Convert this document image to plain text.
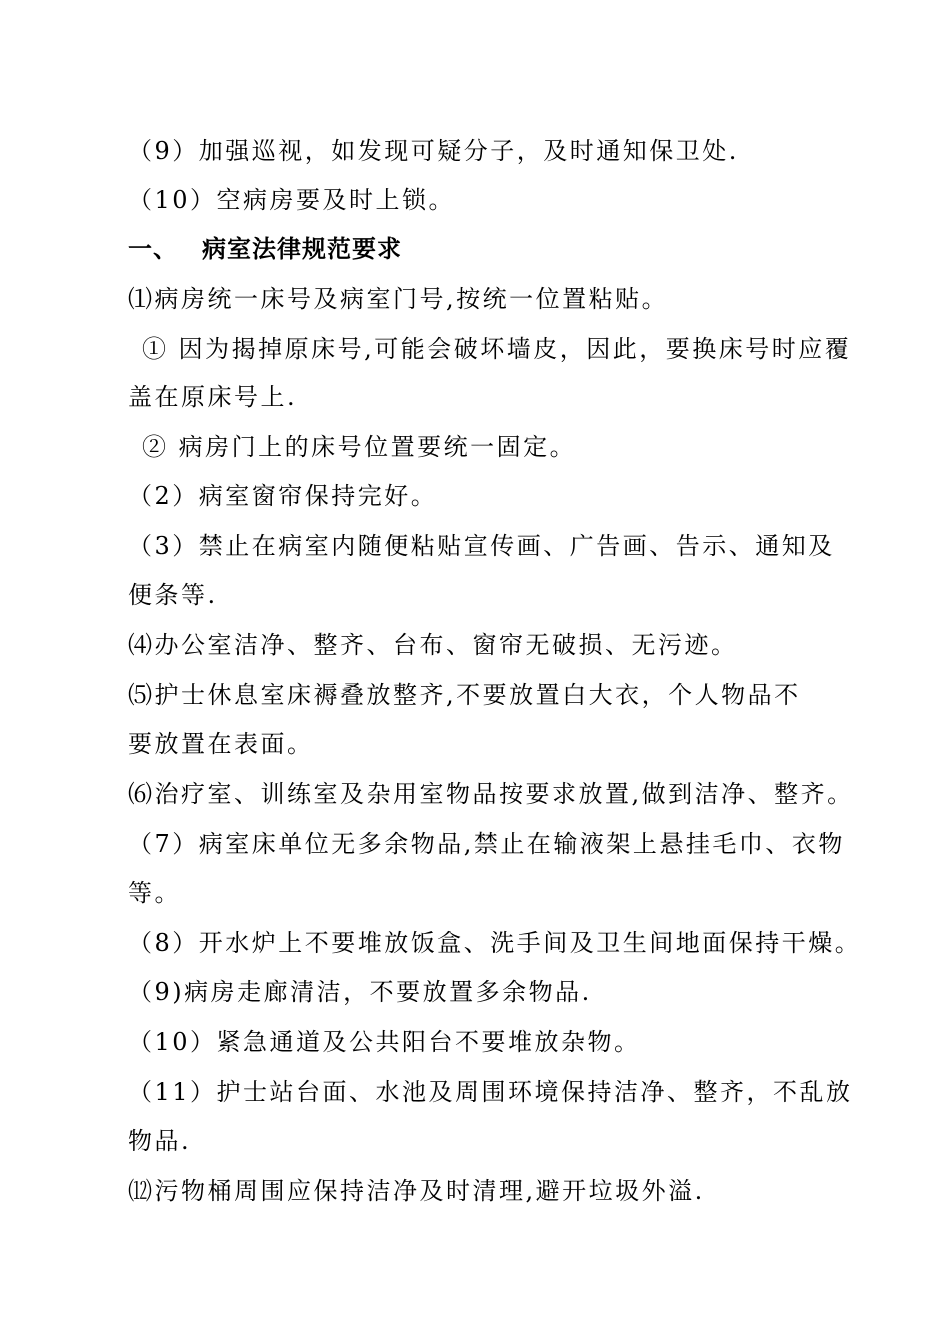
（9）加强巡视，如发现可疑分子，及时通知保卫处.
（10）空病房要及时上锁。
一、 病室法律规范要求
⑴病房统一床号及病室门号,按统一位置粘贴。
① 因为揭掉原床号,可能会破坏墙皮，因此，要换床号时应覆
盖在原床号上.
② 病房门上的床号位置要统一固定。
（2）病室窗帘保持完好。
（3）禁止在病室内随便粘贴宣传画、广告画、告示、通知及
便条等.
⑷办公室洁净、整齐、台布、窗帘无破损、无污迹。
⑸护士休息室床褥叠放整齐,不要放置白大衣，个人物品不
要放置在表面。
⑹治疗室、训练室及杂用室物品按要求放置,做到洁净、整齐。
（7）病室床单位无多余物品,禁止在输液架上悬挂毛巾、衣物
等。
（8）开水炉上不要堆放饭盒、洗手间及卫生间地面保持干燥。
（9)病房走廊清洁，不要放置多余物品.
（10）紧急通道及公共阳台不要堆放杂物。
（11）护士站台面、水池及周围环境保持洁净、整齐，不乱放
物品.
⑿污物桶周围应保持洁净及时清理,避开垃圾外溢.
